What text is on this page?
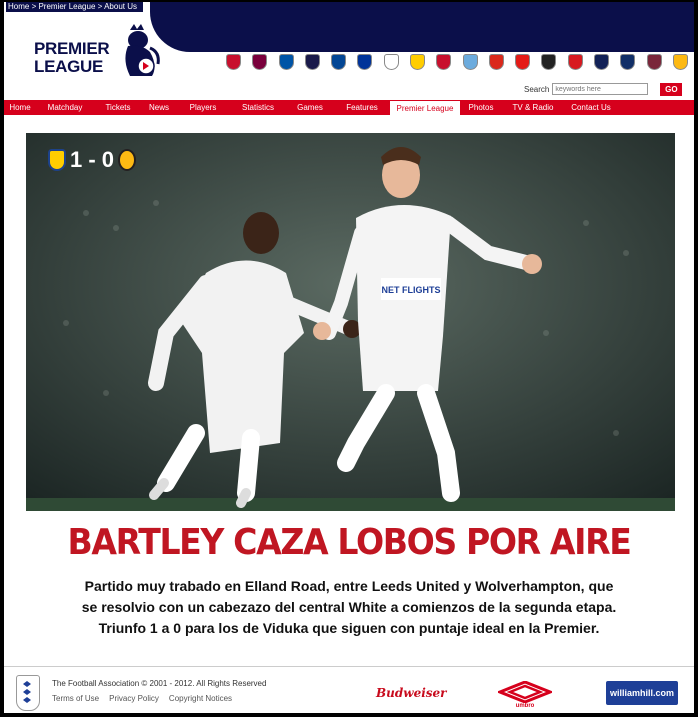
Home > Premier League > About Us
PREMIER
LEAGUE
Search
keywords here	GO
Home	Matchday	Tickets	News	Players	Statistics	Games	Features	Premier League	Photos	TV & Radio	Contact Us
NET FLIGHTS
1 - 0
BARTLEY CAZA LOBOS POR AIRE
Partido muy trabado en Elland Road, entre Leeds United y Wolverhampton, que
se resolvio con un cabezazo del central White a comienzos de la segunda etapa.
Triunfo 1 a 0 para los de Viduka que siguen con puntaje ideal en la Premier.
The Football Association © 2001 - 2012. All Rights Reserved
Terms of Use Privacy Policy Copyright Notices	Budweiser
umbro
williamhill.com
